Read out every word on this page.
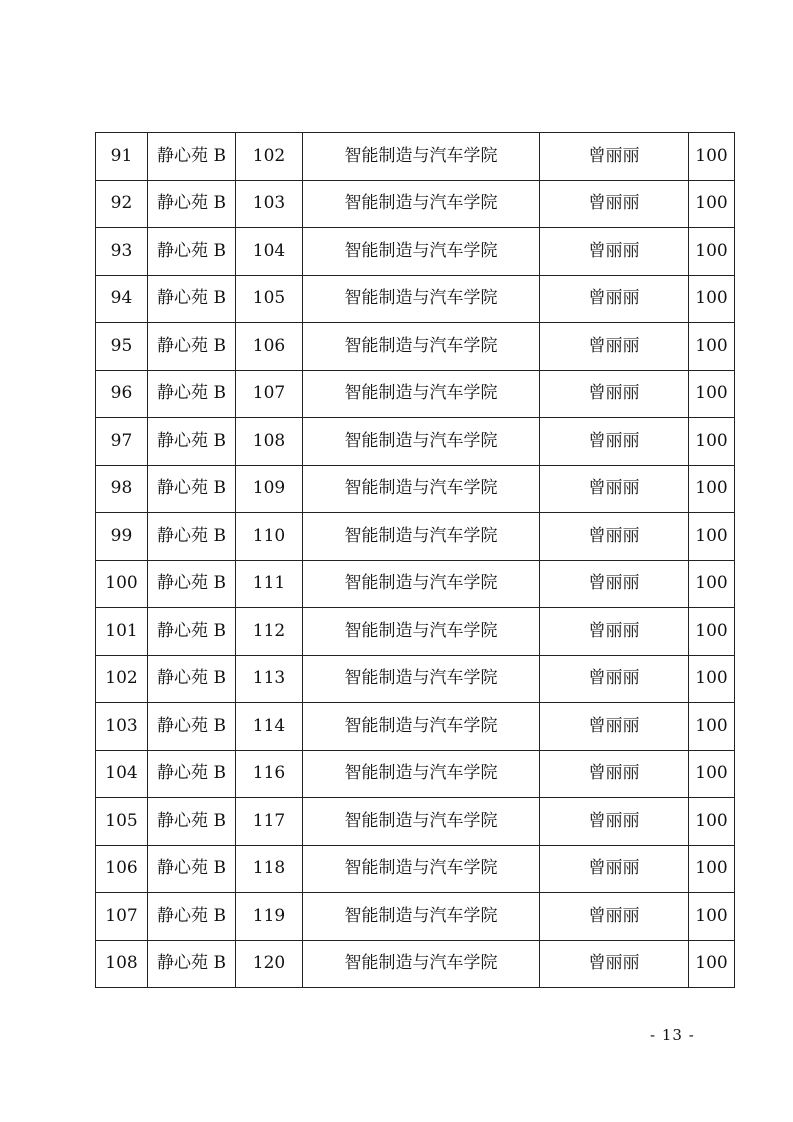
91	静心苑 B	102	智能制造与汽车学院	曾丽丽	100
92	静心苑 B	103	智能制造与汽车学院	曾丽丽	100
93	静心苑 B	104	智能制造与汽车学院	曾丽丽	100
94	静心苑 B	105	智能制造与汽车学院	曾丽丽	100
95	静心苑 B	106	智能制造与汽车学院	曾丽丽	100
96	静心苑 B	107	智能制造与汽车学院	曾丽丽	100
97	静心苑 B	108	智能制造与汽车学院	曾丽丽	100
98	静心苑 B	109	智能制造与汽车学院	曾丽丽	100
99	静心苑 B	110	智能制造与汽车学院	曾丽丽	100
100	静心苑 B	111	智能制造与汽车学院	曾丽丽	100
101	静心苑 B	112	智能制造与汽车学院	曾丽丽	100
102	静心苑 B	113	智能制造与汽车学院	曾丽丽	100
103	静心苑 B	114	智能制造与汽车学院	曾丽丽	100
104	静心苑 B	116	智能制造与汽车学院	曾丽丽	100
105	静心苑 B	117	智能制造与汽车学院	曾丽丽	100
106	静心苑 B	118	智能制造与汽车学院	曾丽丽	100
107	静心苑 B	119	智能制造与汽车学院	曾丽丽	100
108	静心苑 B	120	智能制造与汽车学院	曾丽丽	100
- 13 -
